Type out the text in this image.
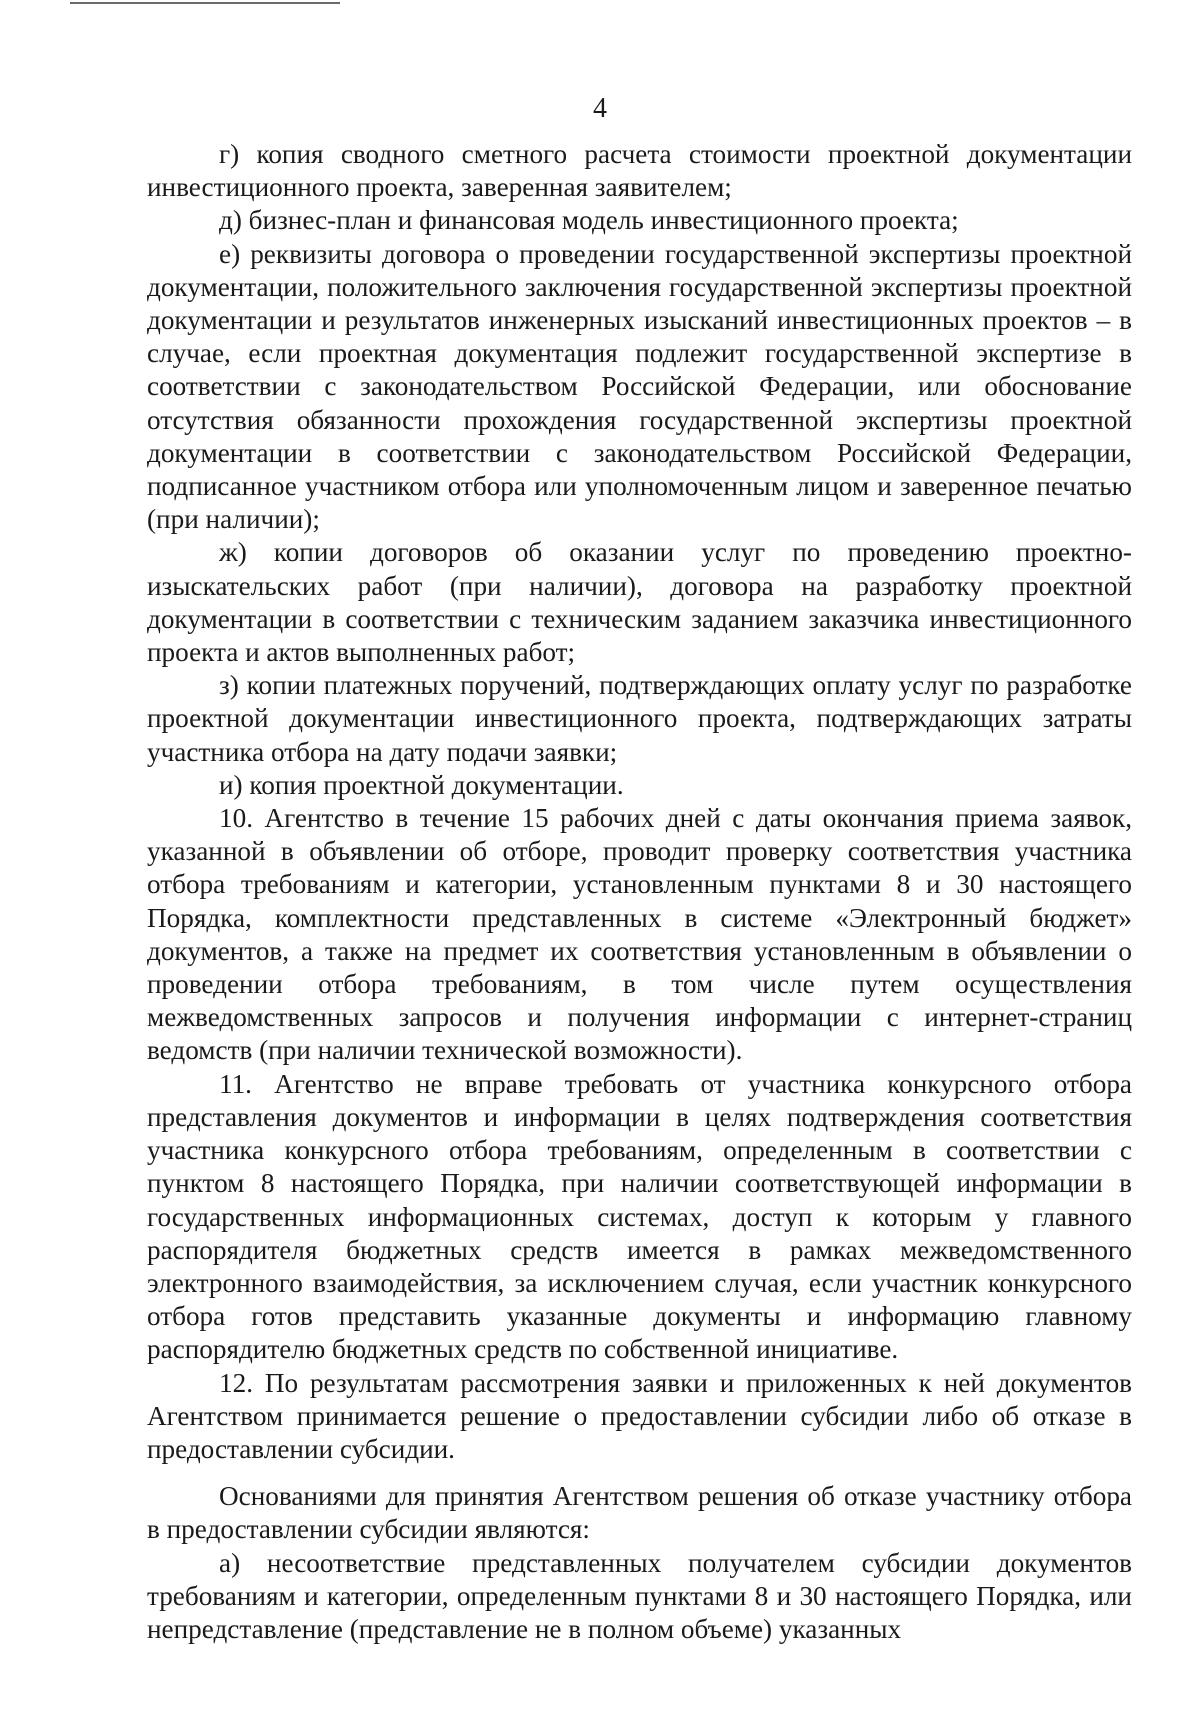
4

г) копия сводного сметного расчета стоимости проектной документации инвестиционного проекта, заверенная заявителем;

д) бизнес-план и финансовая модель инвестиционного проекта;

е) реквизиты договора о проведении государственной экспертизы проектной документации, положительного заключения государственной экспертизы проектной документации и результатов инженерных изысканий инвестиционных проектов – в случае, если проектная документация подлежит государственной экспертизе в соответствии с законодательством Российской Федерации, или обоснование отсутствия обязанности прохождения государственной экспертизы проектной документации в соответствии с законодательством Российской Федерации, подписанное участником отбора или уполномоченным лицом и заверенное печатью (при наличии);

ж) копии договоров об оказании услуг по проведению проектно-изыскательских работ (при наличии), договора на разработку проектной документации в соответствии с техническим заданием заказчика инвестиционного проекта и актов выполненных работ;

з) копии платежных поручений, подтверждающих оплату услуг по разработке проектной документации инвестиционного проекта, подтверждающих затраты участника отбора на дату подачи заявки;

и) копия проектной документации.

10. Агентство в течение 15 рабочих дней с даты окончания приема заявок, указанной в объявлении об отборе, проводит проверку соответствия участника отбора требованиям и категории, установленным пунктами 8 и 30 настоящего Порядка, комплектности представленных в системе «Электронный бюджет» документов, а также на предмет их соответствия установленным в объявлении о проведении отбора требованиям, в том числе путем осуществления межведомственных запросов и получения информации с интернет-страниц ведомств (при наличии технической возможности).

11. Агентство не вправе требовать от участника конкурсного отбора представления документов и информации в целях подтверждения соответствия участника конкурсного отбора требованиям, определенным в соответствии с пунктом 8 настоящего Порядка, при наличии соответствующей информации в государственных информационных системах, доступ к которым у главного распорядителя бюджетных средств имеется в рамках межведомственного электронного взаимодействия, за исключением случая, если участник конкурсного отбора готов представить указанные документы и информацию главному распорядителю бюджетных средств по собственной инициативе.

12. По результатам рассмотрения заявки и приложенных к ней документов Агентством принимается решение о предоставлении субсидии либо об отказе в предоставлении субсидии.

Основаниями для принятия Агентством решения об отказе участнику отбора в предоставлении субсидии являются:

а) несоответствие представленных получателем субсидии документов требованиям и категории, определенным пунктами 8 и 30 настоящего Порядка, или непредставление (представление не в полном объеме) указанных
